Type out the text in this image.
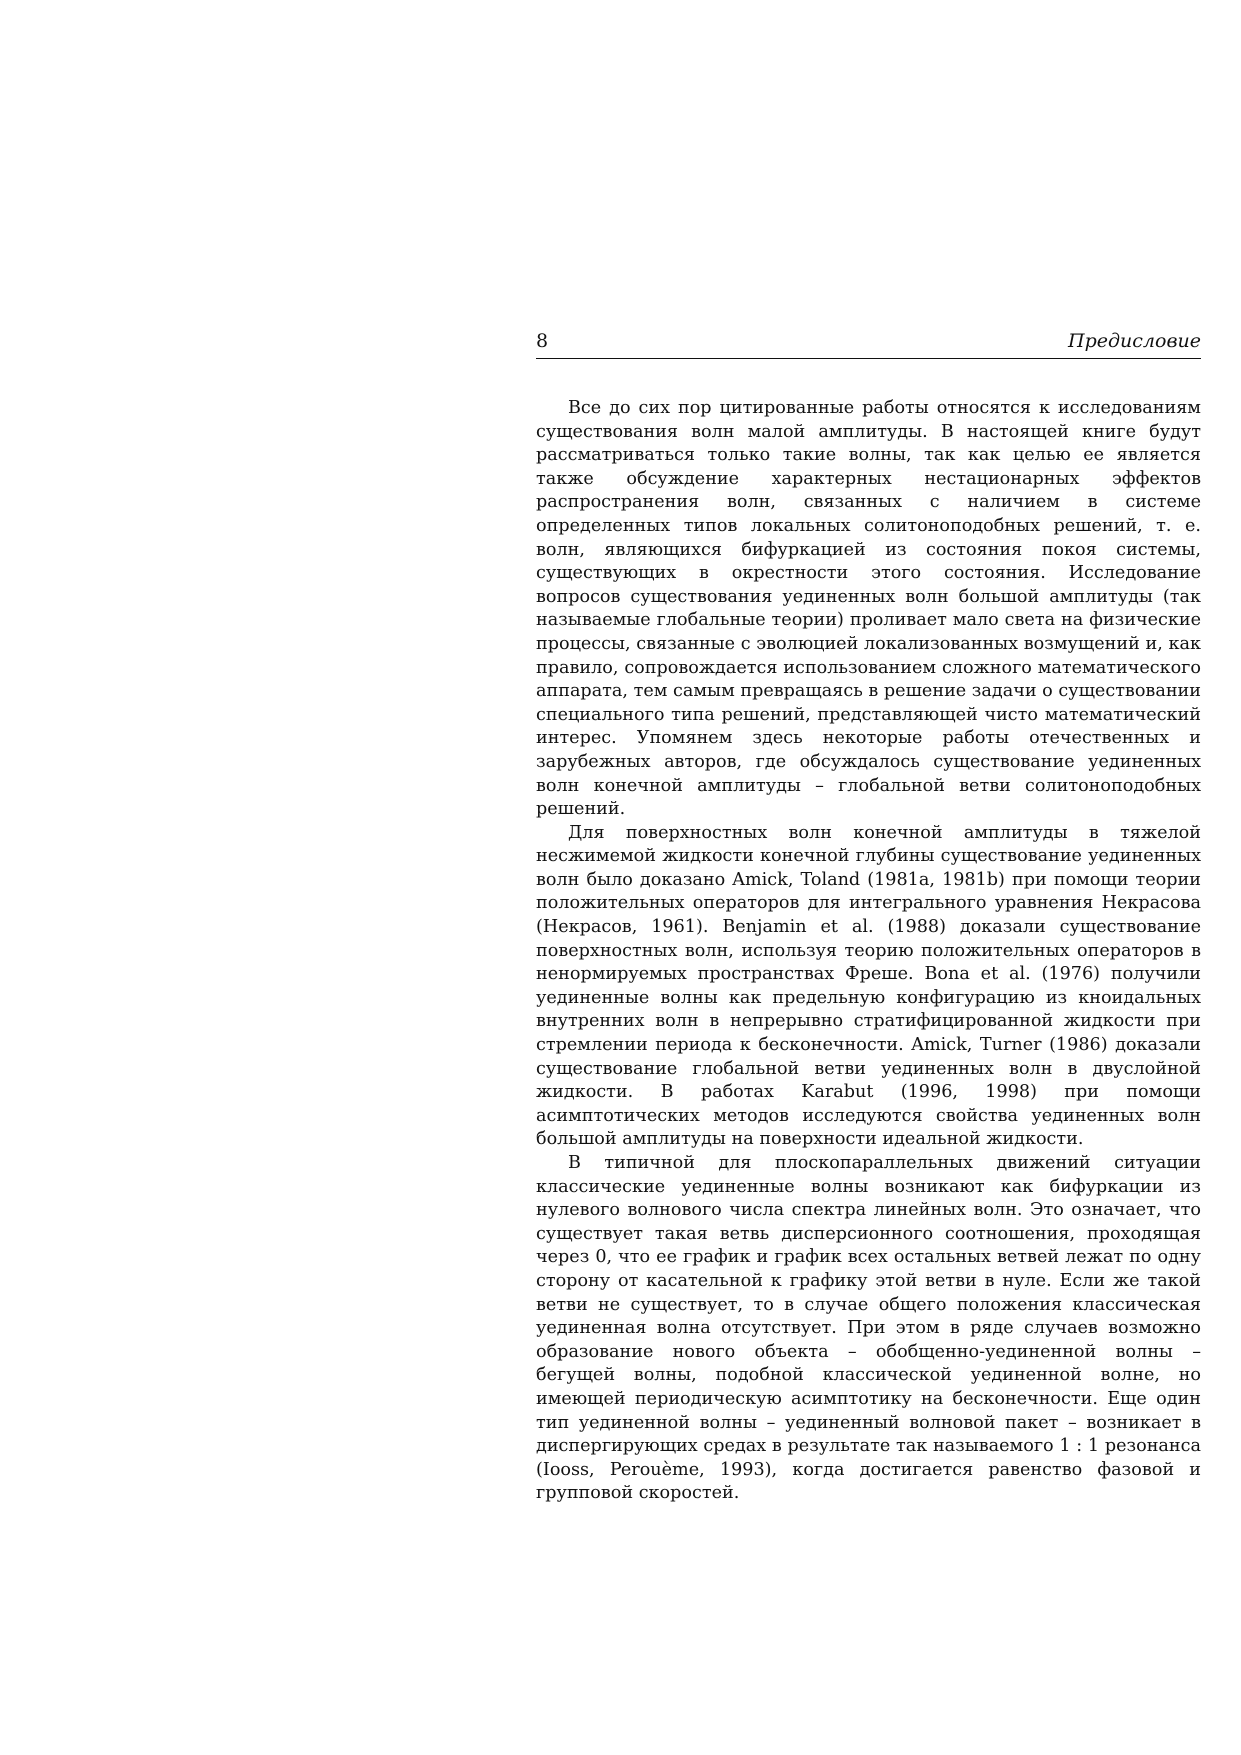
8	Предисловие

Все до сих пор цитированные работы относятся к исследованиям существования волн малой амплитуды. В настоящей книге будут рассматриваться только такие волны, так как целью ее является также обсуждение характерных нестационарных эффектов распространения волн, связанных с наличием в системе определенных типов локальных солитоноподобных решений, т. е. волн, являющихся бифуркацией из состояния покоя системы, существующих в окрестности этого состояния. Исследование вопросов существования уединенных волн большой амплитуды (так называемые глобальные теории) проливает мало света на физические процессы, связанные с эволюцией локализованных возмущений и, как правило, сопровождается использованием сложного математического аппарата, тем самым превращаясь в решение задачи о существовании специального типа решений, представляющей чисто математический интерес. Упомянем здесь некоторые работы отечественных и зарубежных авторов, где обсуждалось существование уединенных волн конечной амплитуды – глобальной ветви солитоноподобных решений.

Для поверхностных волн конечной амплитуды в тяжелой несжимемой жидкости конечной глубины существование уединенных волн было доказано Amick, Toland (1981a, 1981b) при помощи теории положительных операторов для интегрального уравнения Некрасова (Некрасов, 1961). Benjamin et al. (1988) доказали существование поверхностных волн, используя теорию положительных операторов в ненормируемых пространствах Фреше. Bona et al. (1976) получили уединенные волны как предельную конфигурацию из кноидальных внутренних волн в непрерывно стратифицированной жидкости при стремлении периода к бесконечности. Amick, Turner (1986) доказали существование глобальной ветви уединенных волн в двуслойной жидкости. В работах Karabut (1996, 1998) при помощи асимптотических методов исследуются свойства уединенных волн большой амплитуды на поверхности идеальной жидкости.

В типичной для плоскопараллельных движений ситуации классические уединенные волны возникают как бифуркации из нулевого волнового числа спектра линейных волн. Это означает, что существует такая ветвь дисперсионного соотношения, проходящая через 0, что ее график и график всех остальных ветвей лежат по одну сторону от касательной к графику этой ветви в нуле. Если же такой ветви не существует, то в случае общего положения классическая уединенная волна отсутствует. При этом в ряде случаев возможно образование нового объекта – обобщенно-уединенной волны – бегущей волны, подобной классической уединенной волне, но имеющей периодическую асимптотику на бесконечности. Еще один тип уединенной волны – уединенный волновой пакет – возникает в диспергирующих средах в результате так называемого 1 : 1 резонанса (Iooss, Perouème, 1993), когда достигается равенство фазовой и групповой скоростей.
